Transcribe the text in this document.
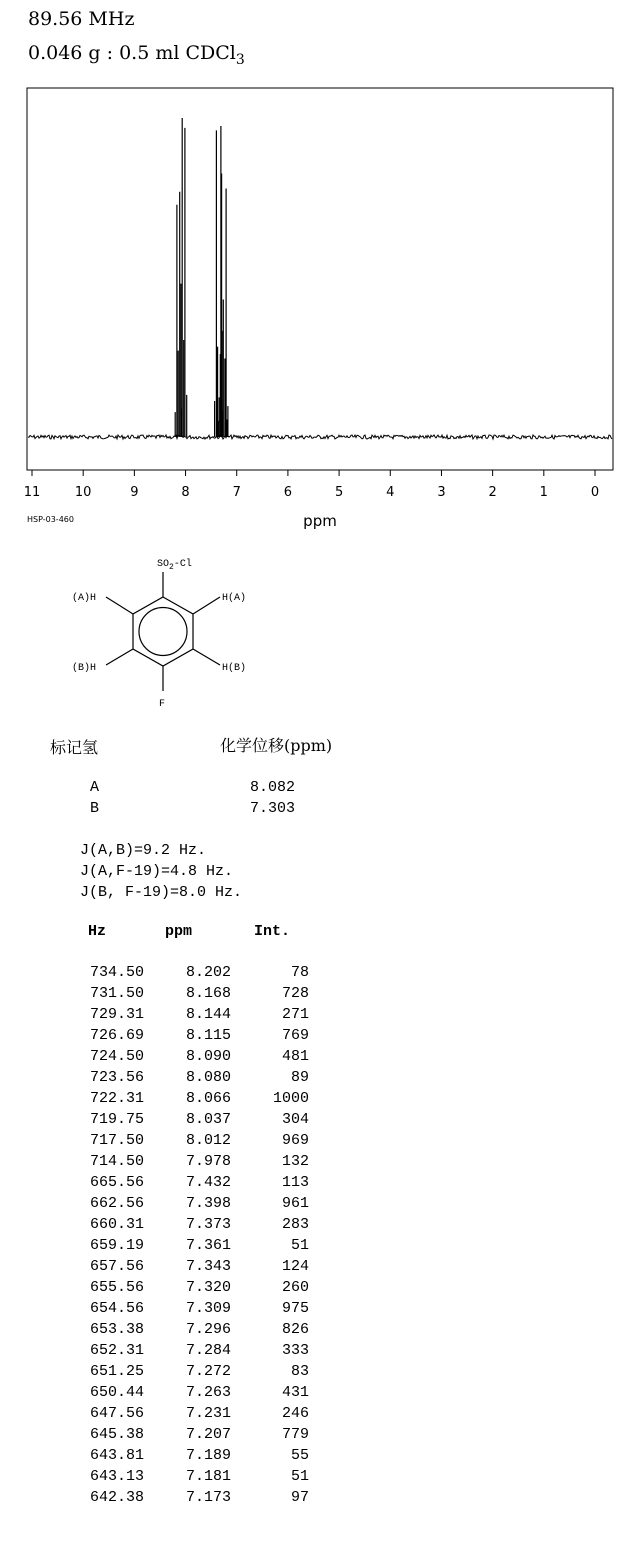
89.56 MHz
0.046 g : 0.5 ml CDCl$_3$
11	10	9	8	7	6	5	4	3	2	1	0
ppm
HSP-03-460
$SO_2-Cl$
(A)H	H(A)
(B)H	H(B)
F
标记氢	化学位移(ppm)
A	8.082
B	7.303
J(A,B)=9.2 Hz.
J(A,F-19)=4.8 Hz.
J(B, F-19)=8.0 Hz.
Hz	ppm	Int.
734.50	8.202	78
731.50	8.168	728
729.31	8.144	271
726.69	8.115	769
724.50	8.090	481
723.56	8.080	89
722.31	8.066	1000
719.75	8.037	304
717.50	8.012	969
714.50	7.978	132
665.56	7.432	113
662.56	7.398	961
660.31	7.373	283
659.19	7.361	51
657.56	7.343	124
655.56	7.320	260
654.56	7.309	975
653.38	7.296	826
652.31	7.284	333
651.25	7.272	83
650.44	7.263	431
647.56	7.231	246
645.38	7.207	779
643.81	7.189	55
643.13	7.181	51
642.38	7.173	97
